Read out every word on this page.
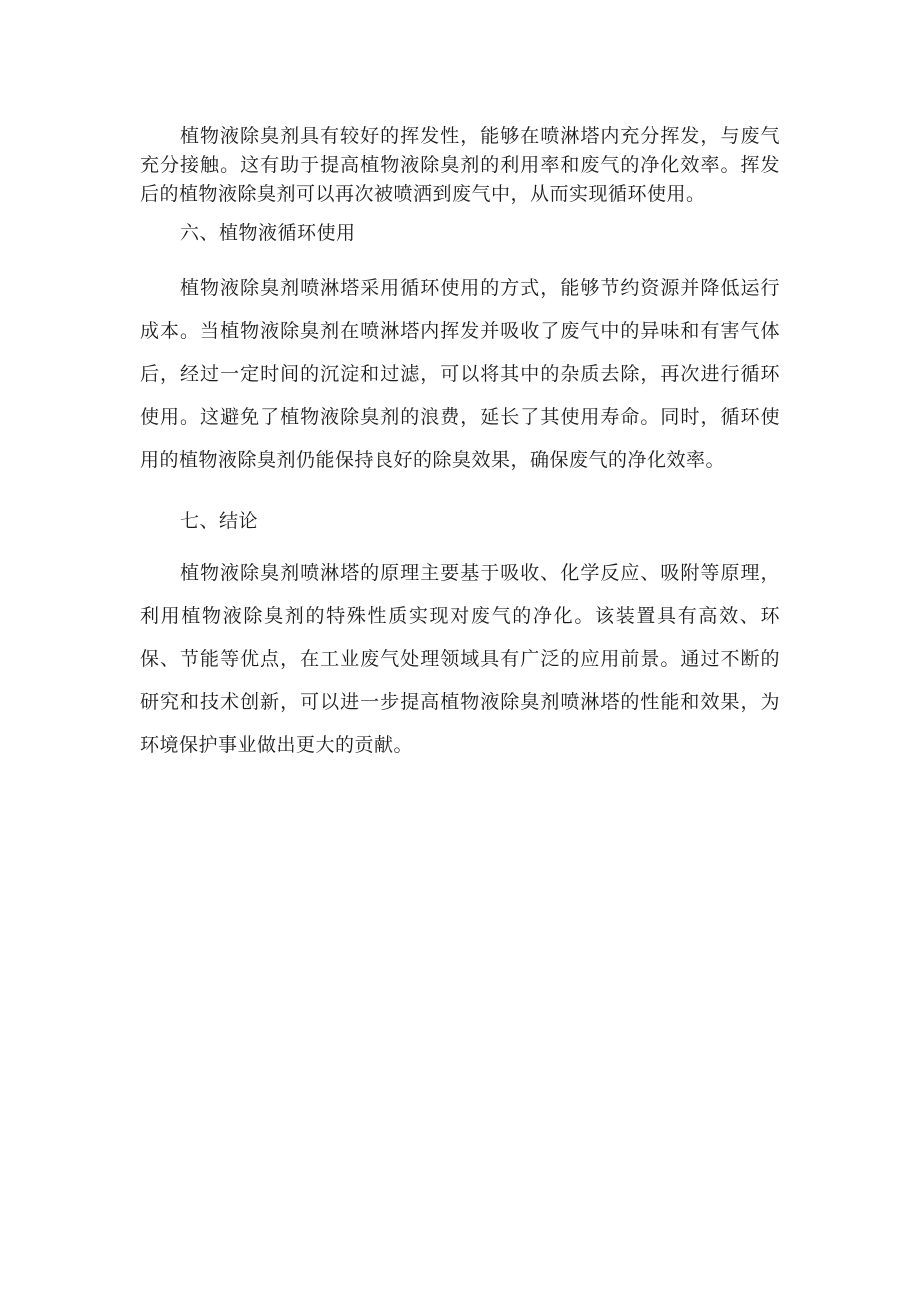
植物液除臭剂具有较好的挥发性，能够在喷淋塔内充分挥发，与废气充分接触。这有助于提高植物液除臭剂的利用率和废气的净化效率。挥发后的植物液除臭剂可以再次被喷洒到废气中，从而实现循环使用。

六、植物液循环使用

植物液除臭剂喷淋塔采用循环使用的方式，能够节约资源并降低运行成本。当植物液除臭剂在喷淋塔内挥发并吸收了废气中的异味和有害气体后，经过一定时间的沉淀和过滤，可以将其中的杂质去除，再次进行循环使用。这避免了植物液除臭剂的浪费，延长了其使用寿命。同时，循环使用的植物液除臭剂仍能保持良好的除臭效果，确保废气的净化效率。

七、结论

植物液除臭剂喷淋塔的原理主要基于吸收、化学反应、吸附等原理，利用植物液除臭剂的特殊性质实现对废气的净化。该装置具有高效、环保、节能等优点，在工业废气处理领域具有广泛的应用前景。通过不断的研究和技术创新，可以进一步提高植物液除臭剂喷淋塔的性能和效果，为环境保护事业做出更大的贡献。
